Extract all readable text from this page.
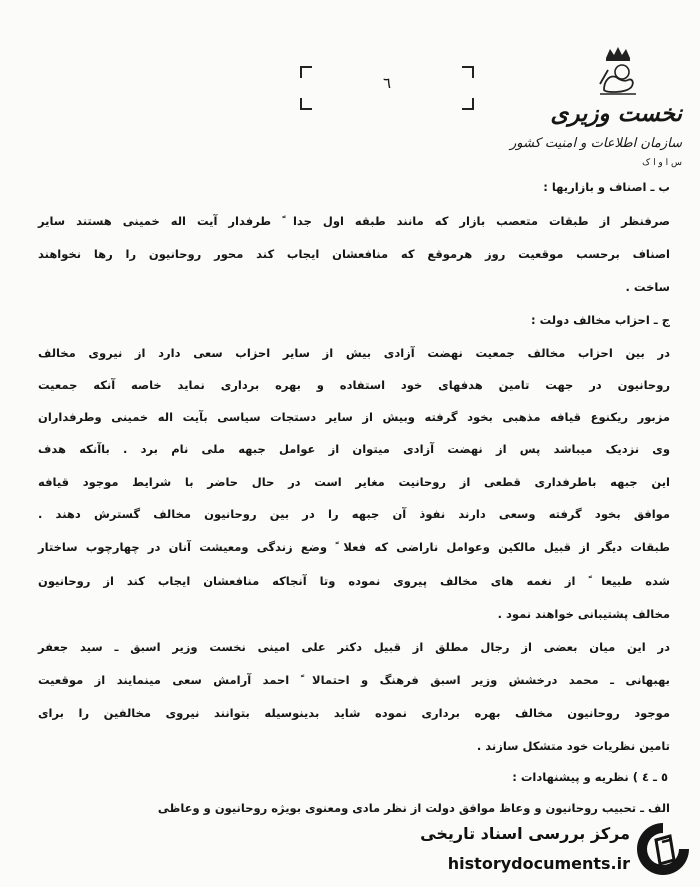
٦
نخست وزیری
سازمان اطلاعات و امنیت کشور
س ا و ا ک
ب ـ اصناف و بازاریها :
صرفنظر از طبقات متعصب بازار که مانند طبقه اول جدا ً طرفدار آیت اله خمینی هستند سایر
اصناف برحسب موقعیت روز هرموقع که منافعشان ایجاب کند محور روحانیون را رها نخواهند
ساخت .
ج ـ احزاب مخالف دولت :
در بین احزاب مخالف جمعیت نهضت آزادی بیش از سایر احزاب سعی دارد از نیروی مخالف
روحانیون در جهت تامین هدفهای خود استفاده و بهره برداری نماید خاصه آنکه جمعیت
مزبور ریکنوع قیافه مذهبی بخود گرفته وبیش از سایر دستجات سیاسی بآیت اله خمینی وطرفداران
وی نزدیک میباشد پس از نهضت آزادی میتوان از عوامل جبهه ملی نام برد . باآنکه هدف
این جبهه باطرفداری قطعی از روحانیت مغایر است در حال حاضر با شرایط موجود قیافه
موافق بخود گرفته وسعی دارند نفوذ آن جبهه را در بین روحانیون مخالف گسترش دهند .
طبقات دیگر از قبیل مالکین وعوامل ناراضی که فعلا ً وضع زندگی ومعیشت آنان در چهارچوب ساختار
شده طبیعا ً از نغمه های مخالف پیروی نموده وتا آنجاکه منافعشان ایجاب کند از روحانیون
مخالف پشتیبانی خواهند نمود .
در این میان بعضی از رجال مطلق از قبیل دکتر علی امینی نخست وزیر اسبق ـ سید جعفر
بهبهانی ـ محمد درخشش وزیر اسبق فرهنگ و احتمالا ً احمد آرامش سعی مینمایند از موقعیت
موجود روحانیون مخالف بهره برداری نموده شاید بدینوسیله بتوانند نیروی مخالفین را برای
تامین نظریات خود متشکل سازند .
٥ ـ ٤ ) نظریه و پیشنهادات :
الف ـ تحبیب روحانیون و وعاظ موافق دولت از نظر مادی ومعنوی بویژه روحانیون و وعاظی
مرکز بررسی اسناد تاریخی
historydocuments.ir
